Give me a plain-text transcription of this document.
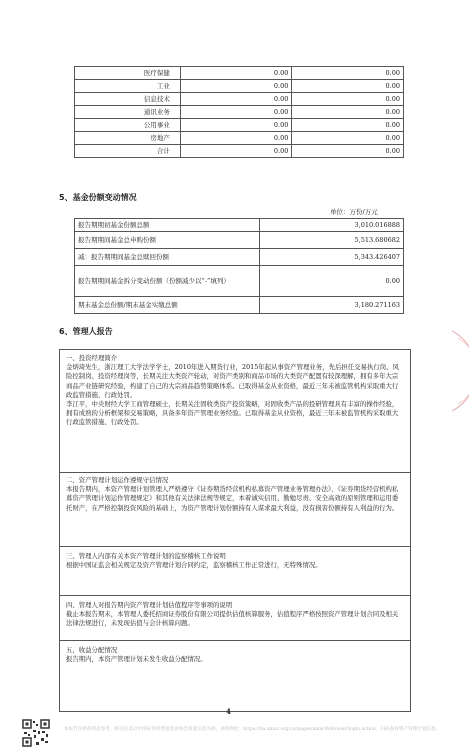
医疗保健	0.00	0.00
工业	0.00	0.00
信息技术	0.00	0.00
通讯业务	0.00	0.00
公用事业	0.00	0.00
房地产	0.00	0.00
合计	0.00	0.00
5、基金份额变动情况
单位：万份/万元
报告期期初基金份额总额	3,010.016888
报告期期间基金总申购份额	5,513.680682
减：报告期期间基金总赎回份额	5,343.426407
报告期期间基金拆分变动份额（份额减少以“-”填列）	0.00
期末基金总份额/期末基金实缴总额	3,180.271163
6、管理人报告

一、投资经理简介

金炳琦先生，浙江理工大学法学学士，2010年进入期货行业，2015年起从事资产管理业务，先后担任交易执行岗、风险控制岗、投资经理岗等，长期关注大类资产轮动，对资产类别和商品市场的大类资产配置有较深理解，拥有多年大宗商品产业链研究经验，构建了自己的大宗商品趋势策略体系。已取得基金从业资格，最近三年未被监管机构采取重大行政监管措施、行政处罚。

李江平，中央财经大学工商管理硕士，长期关注固收类资产投资策略，对固收类产品的投研管理具有丰富的操作经验，拥有成熟的分析框架和交易策略，具备多年资产管理业务经验。已取得基金从业资格，最近三年未被监管机构采取重大行政监管措施、行政处罚。

二、资产管理计划运作遵规守信情况

本报告期内，本资产管理计划管理人严格遵守《证券期货经营机构私募资产管理业务管理办法》、《证券期货经营机构私募资产管理计划运作管理规定》和其他有关法律法规等规定，本着诚实信用、勤勉尽责、安全高效的原则管理和运用委托财产，在严格控制投资风险的基础上，为资产管理计划份额持有人谋求最大利益，没有损害份额持有人利益的行为。

三、管理人内部有关本资产管理计划的监察稽核工作说明

根据中国证监会相关规定及资产管理计划合同约定，监察稽核工作正常进行，无特殊情况。

四、管理人对报告期内资产管理计划估值程序等事项的说明

截止本报告期末，本管理人委托招商证券股份有限公司提供估值核算服务，估值程序严格按照资产管理计划合同及相关法律法规进行，未发现估值与会计核算问题。

五、收益分配情况

报告期内，本资产管理计划未发生收益分配情况。

4
本报告仅供投资者参考，相关信息以中国证券投资基金业协会备案信息为准。查询网址：https://ba.amac.org.cn/pages/amacWeb/user!login.action，扫码查看资产管理计划信息。
